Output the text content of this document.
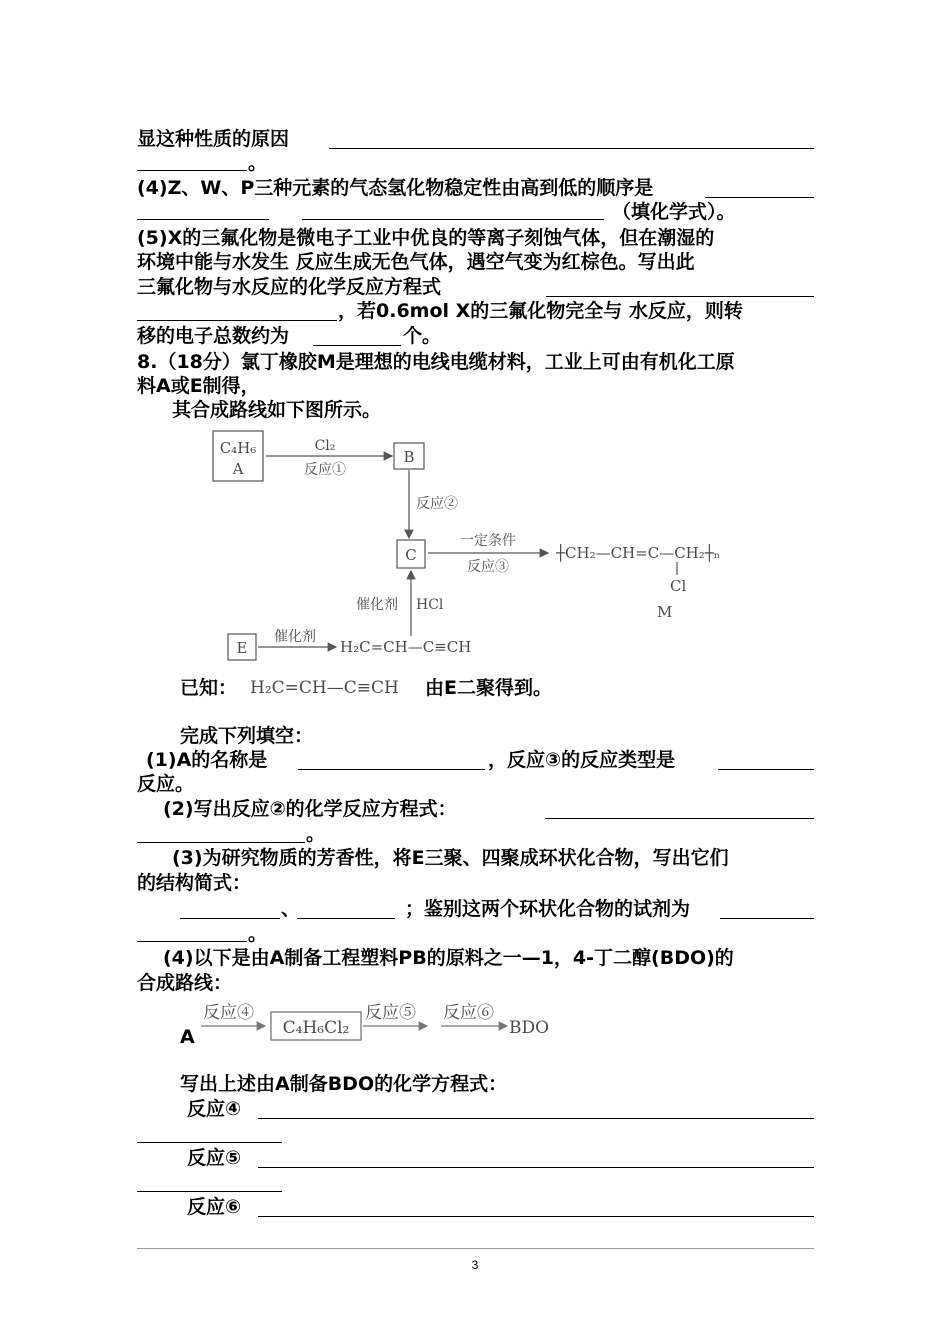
显这种性质的原因
。
(4)Z、W、P三种元素的气态氢化物稳定性由高到低的顺序是
（填化学式）。
(5)X的三氟化物是微电子工业中优良的等离子刻蚀气体，但在潮湿的
环境中能与水发生 反应生成无色气体，遇空气变为红棕色。写出此
三氟化物与水反应的化学反应方程式
，若0.6mol X的三氟化物完全与 水反应，则转
移的电子总数约为	个。
8.（18分）氯丁橡胶M是理想的电线电缆材料，工业上可由有机化工原
料A或E制得，
其合成路线如下图所示。
C₄H₆
A
Cl₂
反应①
B
反应②
C
一定条件
反应③
┼CH₂—CH=C—CH₂┼ₙ
Cl
M
催化剂 HCl
E
催化剂
H₂C=CH—C≡CH
已知： H₂C=CH—C≡CH 由E二聚得到。
完成下列填空：
(1)A的名称是	，反应③的反应类型是
反应。
(2)写出反应②的化学反应方程式：
。
(3)为研究物质的芳香性，将E三聚、四聚成环状化合物，写出它们
的结构简式：
、	；鉴别这两个环状化合物的试剂为
。
(4)以下是由A制备工程塑料PB的原料之一—1，4-丁二醇(BDO)的
合成路线：
A
反应④
C₄H₆Cl₂
反应⑤ 反应⑥
BDO
写出上述由A制备BDO的化学方程式：
反应④
反应⑤
反应⑥
3
